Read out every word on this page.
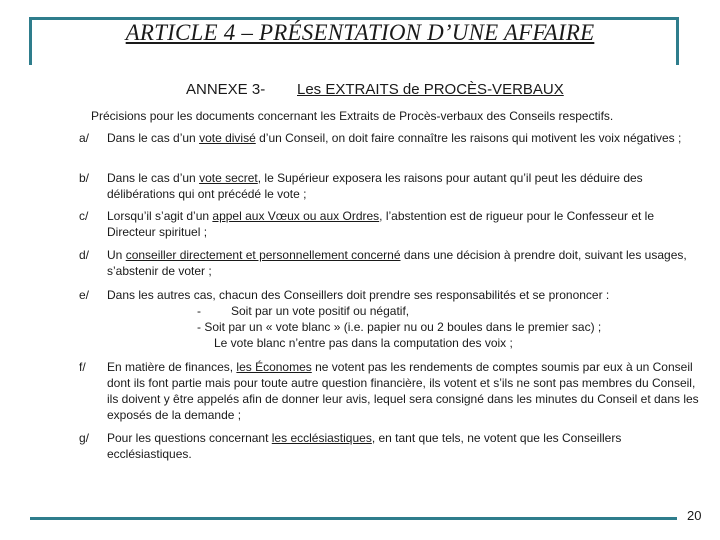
ARTICLE 4 – PRÉSENTATION D’UNE AFFAIRE
ANNEXE 3- Les EXTRAITS de PROCÈS-VERBAUX
Précisions pour les documents concernant les Extraits de Procès-verbaux des Conseils respectifs.
a/ Dans le cas d’un vote divisé d’un Conseil, on doit faire connaître les raisons qui motivent les voix négatives ;
b/ Dans le cas d’un vote secret, le Supérieur exposera les raisons pour autant qu’il peut les déduire des délibérations qui ont précédé le vote ;
c/ Lorsqu’il s’agit d’un appel aux Vœux ou aux Ordres, l’abstention est de rigueur pour le Confesseur et le Directeur spirituel ;
d/ Un conseiller directement et personnellement concerné dans une décision à prendre doit, suivant les usages, s’abstenir de voter ;
e/ Dans les autres cas, chacun des Conseillers doit prendre ses responsabilités et se prononcer :
-         Soit par un vote positif ou négatif,
- Soit par un « vote blanc » (i.e. papier nu ou 2 boules dans le premier sac) ;
Le vote blanc n’entre pas dans la computation des voix ;
f/ En matière de finances, les Économes ne votent pas les rendements de comptes soumis par eux à un Conseil dont ils font partie mais pour toute autre question financière, ils votent et s’ils ne sont pas membres du Conseil, ils doivent y être appelés afin de donner leur avis, lequel sera consigné dans les minutes du Conseil et dans les exposés de la demande ;
g/ Pour les questions concernant les ecclésiastiques, en tant que tels, ne votent que les Conseillers ecclésiastiques.
20
